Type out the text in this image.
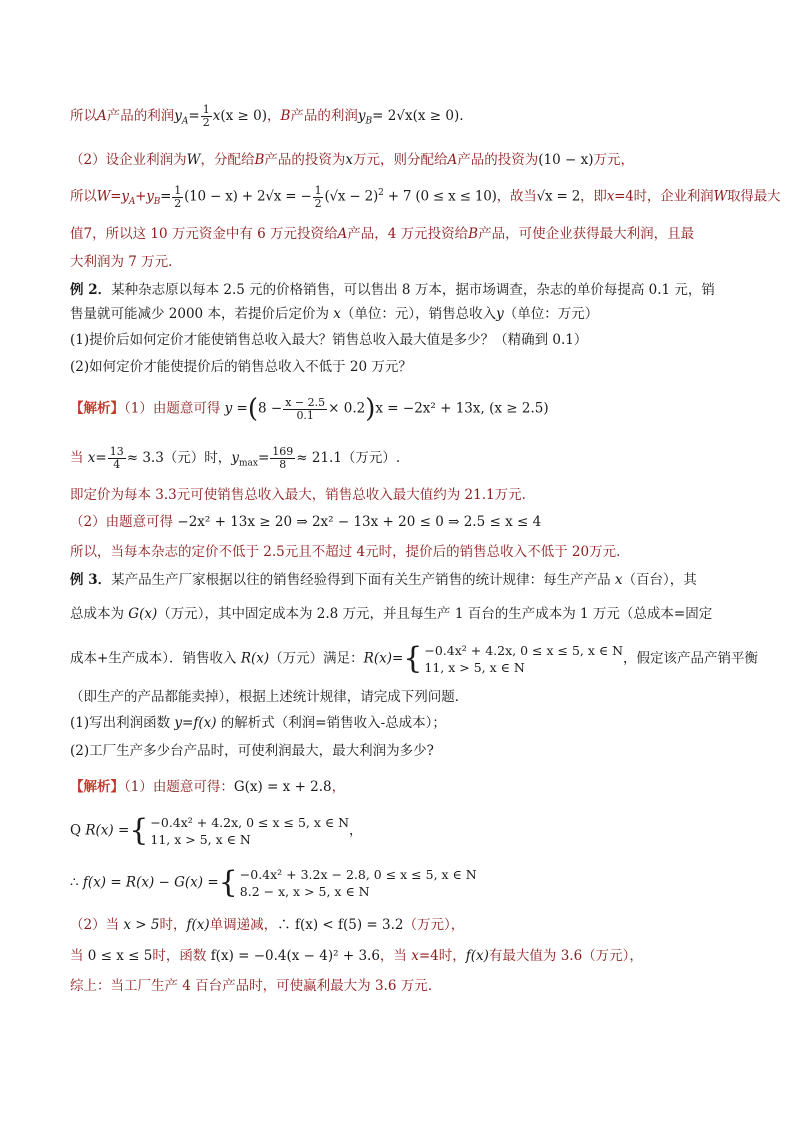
所以A产品的利润$y_A= \frac{1}{2} x(x \ge 0)$，B产品的利润$y_B= 2√x(x \ge 0)$.
（2）设企业利润为W，分配给B产品的投资为x万元，则分配给A产品的投资为(10 − x)万元，
所以$W=y_A+y_B= \frac{1}{2} (10 - x) + 2√x$ = − $\frac{1}{2} (√x - 2)^2 + 7$ (0 ≤ x ≤ 10)，故当√x = 2，即x=4时，企业利润W取得最大
值7，所以这 10 万元资金中有 6 万元投资给A产品，4 万元投资给B产品，可使企业获得最大利润，且最
大利润为 7 万元.
例 2．某种杂志原以每本 2.5 元的价格销售，可以售出 8 万本，据市场调查，杂志的单价每提高 0.1 元，销
售量就可能减少 2000 本，若提价后定价为 x（单位：元），销售总收入y（单位：万元）
(1)提价后如何定价才能使销售总收入最大？销售总收入最大值是多少？（精确到 0.1）
(2)如何定价才能使提价后的销售总收入不低于 20 万元？
【解析】（1）由题意可得 $y =(8 - \frac{x - 2.5}{0.1} \times 0.2)x = -2x^2 + 13x$, (x ≥ 2.5)
当 $x= \frac{13}{4} \approx 3.3$（元）时，$y_{max}= \frac{169}{8} \approx 21.1$（万元）.
即定价为每本 3.3元可使销售总收入最大，销售总收入最大值约为 21.1万元.
（2）由题意可得 −2x² + 13x ≥ 20 ⇒ 2x² − 13x + 20 ≤ 0 ⇒ 2.5 ≤ x ≤ 4
所以，当每本杂志的定价不低于 2.5元且不超过 4元时，提价后的销售总收入不低于 20万元.
例 3．某产品生产厂家根据以往的销售经验得到下面有关生产销售的统计规律：每生产产品 x（百台），其
总成本为 G(x)（万元），其中固定成本为 2.8 万元，并且每生产 1 百台的生产成本为 1 万元（总成本=固定
成本+生产成本）．销售收入 R(x)（万元）满足：R(x)={ −0.4x² + 4.2x, 0 ≤ x ≤ 5, x ∈ N
11, x > 5, x ∈ N
，假定该产品产销平衡
（即生产的产品都能卖掉），根据上述统计规律，请完成下列问题．
(1)写出利润函数 y=f(x) 的解析式（利润=销售收入-总成本）；
(2)工厂生产多少台产品时，可使利润最大，最大利润为多少?
【解析】（1）由题意可得：G(x) = x + 2.8，
Q R(x) ={ −0.4x² + 4.2x, 0 ≤ x ≤ 5, x ∈ N
11, x > 5, x ∈ N
，
∴ f(x) = R(x) − G(x) ={ −0.4x² + 3.2x − 2.8, 0 ≤ x ≤ 5, x ∈ N
8.2 − x, x > 5, x ∈ N
（2）当 x > 5时，f(x)单调递减，∴ f(x) < f(5) = 3.2（万元），
当 0 ≤ x ≤ 5时，函数 f(x) = −0.4(x − 4)² + 3.6，当 x=4时，f(x)有最大值为 3.6（万元），
综上：当工厂生产 4 百台产品时，可使赢利最大为 3.6 万元.
